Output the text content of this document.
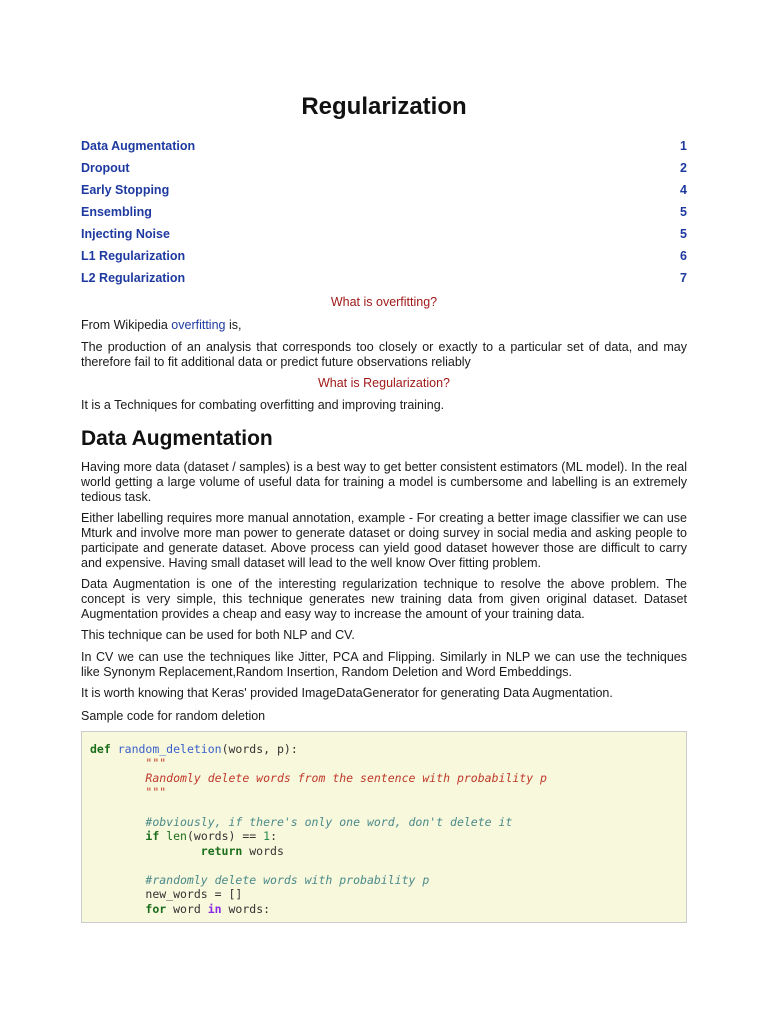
Regularization
Data Augmentation	1
Dropout	2
Early Stopping	4
Ensembling	5
Injecting Noise	5
L1 Regularization	6
L2 Regularization	7
What is overfitting?
From Wikipedia overfitting is,
The production of an analysis that corresponds too closely or exactly to a particular set of data, and may therefore fail to fit additional data or predict future observations reliably
What is Regularization?
It is a Techniques for combating overfitting and improving training.
Data Augmentation
Having more data (dataset / samples) is a best way to get better consistent estimators (ML model). In the real world getting a large volume of useful data for training a model is cumbersome and labelling is an extremely tedious task.
Either labelling requires more manual annotation, example - For creating a better image classifier we can use Mturk and involve more man power to generate dataset or doing survey in social media and asking people to participate and generate dataset. Above process can yield good dataset however those are difficult to carry and expensive. Having small dataset will lead to the well know Over fitting problem.
Data Augmentation is one of the interesting regularization technique to resolve the above problem. The concept is very simple, this technique generates new training data from given original dataset. Dataset Augmentation provides a cheap and easy way to increase the amount of your training data.
This technique can be used for both NLP and CV.
In CV we can use the techniques like Jitter, PCA and Flipping. Similarly in NLP we can use the techniques like Synonym Replacement,Random Insertion, Random Deletion and Word Embeddings.
It is worth knowing that Keras' provided ImageDataGenerator for generating Data Augmentation.
Sample code for random deletion
def random_deletion(words, p):
"""
Randomly delete words from the sentence with probability p
"""
#obviously, if there's only one word, don't delete it
if len(words) == 1:
return words
#randomly delete words with probability p
new_words = []
for word in words:
